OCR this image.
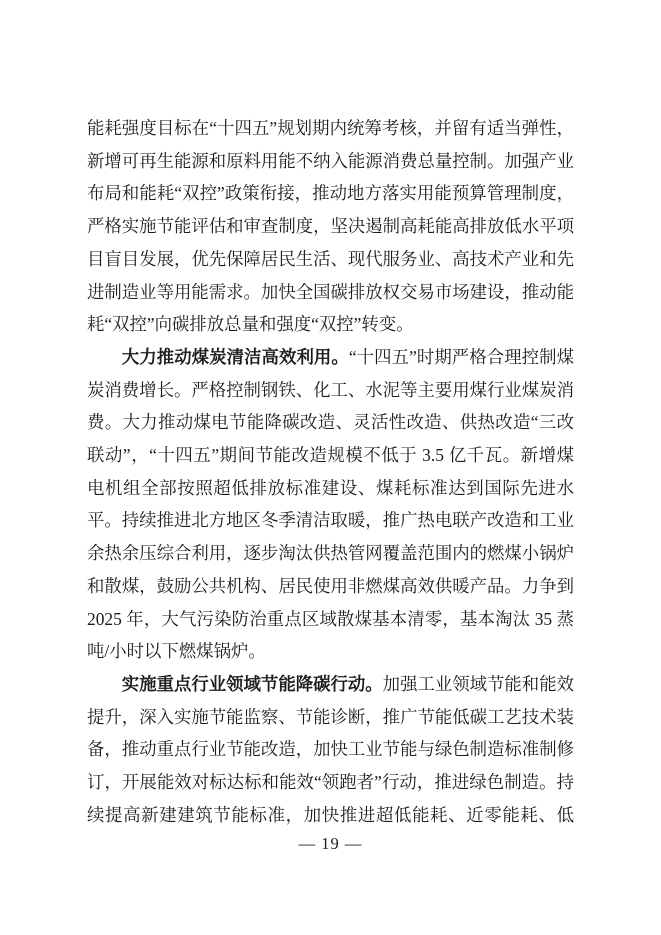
能耗强度目标在“十四五”规划期内统筹考核，并留有适当弹性，新增可再生能源和原料用能不纳入能源消费总量控制。加强产业布局和能耗“双控”政策衔接，推动地方落实用能预算管理制度，严格实施节能评估和审查制度，坚决遏制高耗能高排放低水平项目盲目发展，优先保障居民生活、现代服务业、高技术产业和先进制造业等用能需求。加快全国碳排放权交易市场建设，推动能耗“双控”向碳排放总量和强度“双控”转变。

大力推动煤炭清洁高效利用。“十四五”时期严格合理控制煤炭消费增长。严格控制钢铁、化工、水泥等主要用煤行业煤炭消费。大力推动煤电节能降碳改造、灵活性改造、供热改造“三改联动”，“十四五”期间节能改造规模不低于 3.5 亿千瓦。新增煤电机组全部按照超低排放标准建设、煤耗标准达到国际先进水平。持续推进北方地区冬季清洁取暖，推广热电联产改造和工业余热余压综合利用，逐步淘汰供热管网覆盖范围内的燃煤小锅炉和散煤，鼓励公共机构、居民使用非燃煤高效供暖产品。力争到 2025 年，大气污染防治重点区域散煤基本清零，基本淘汰 35 蒸吨/小时以下燃煤锅炉。

实施重点行业领域节能降碳行动。加强工业领域节能和能效提升，深入实施节能监察、节能诊断，推广节能低碳工艺技术装备，推动重点行业节能改造，加快工业节能与绿色制造标准制修订，开展能效对标达标和能效“领跑者”行动，推进绿色制造。持续提高新建建筑节能标准，加快推进超低能耗、近零能耗、低

— 19 —
